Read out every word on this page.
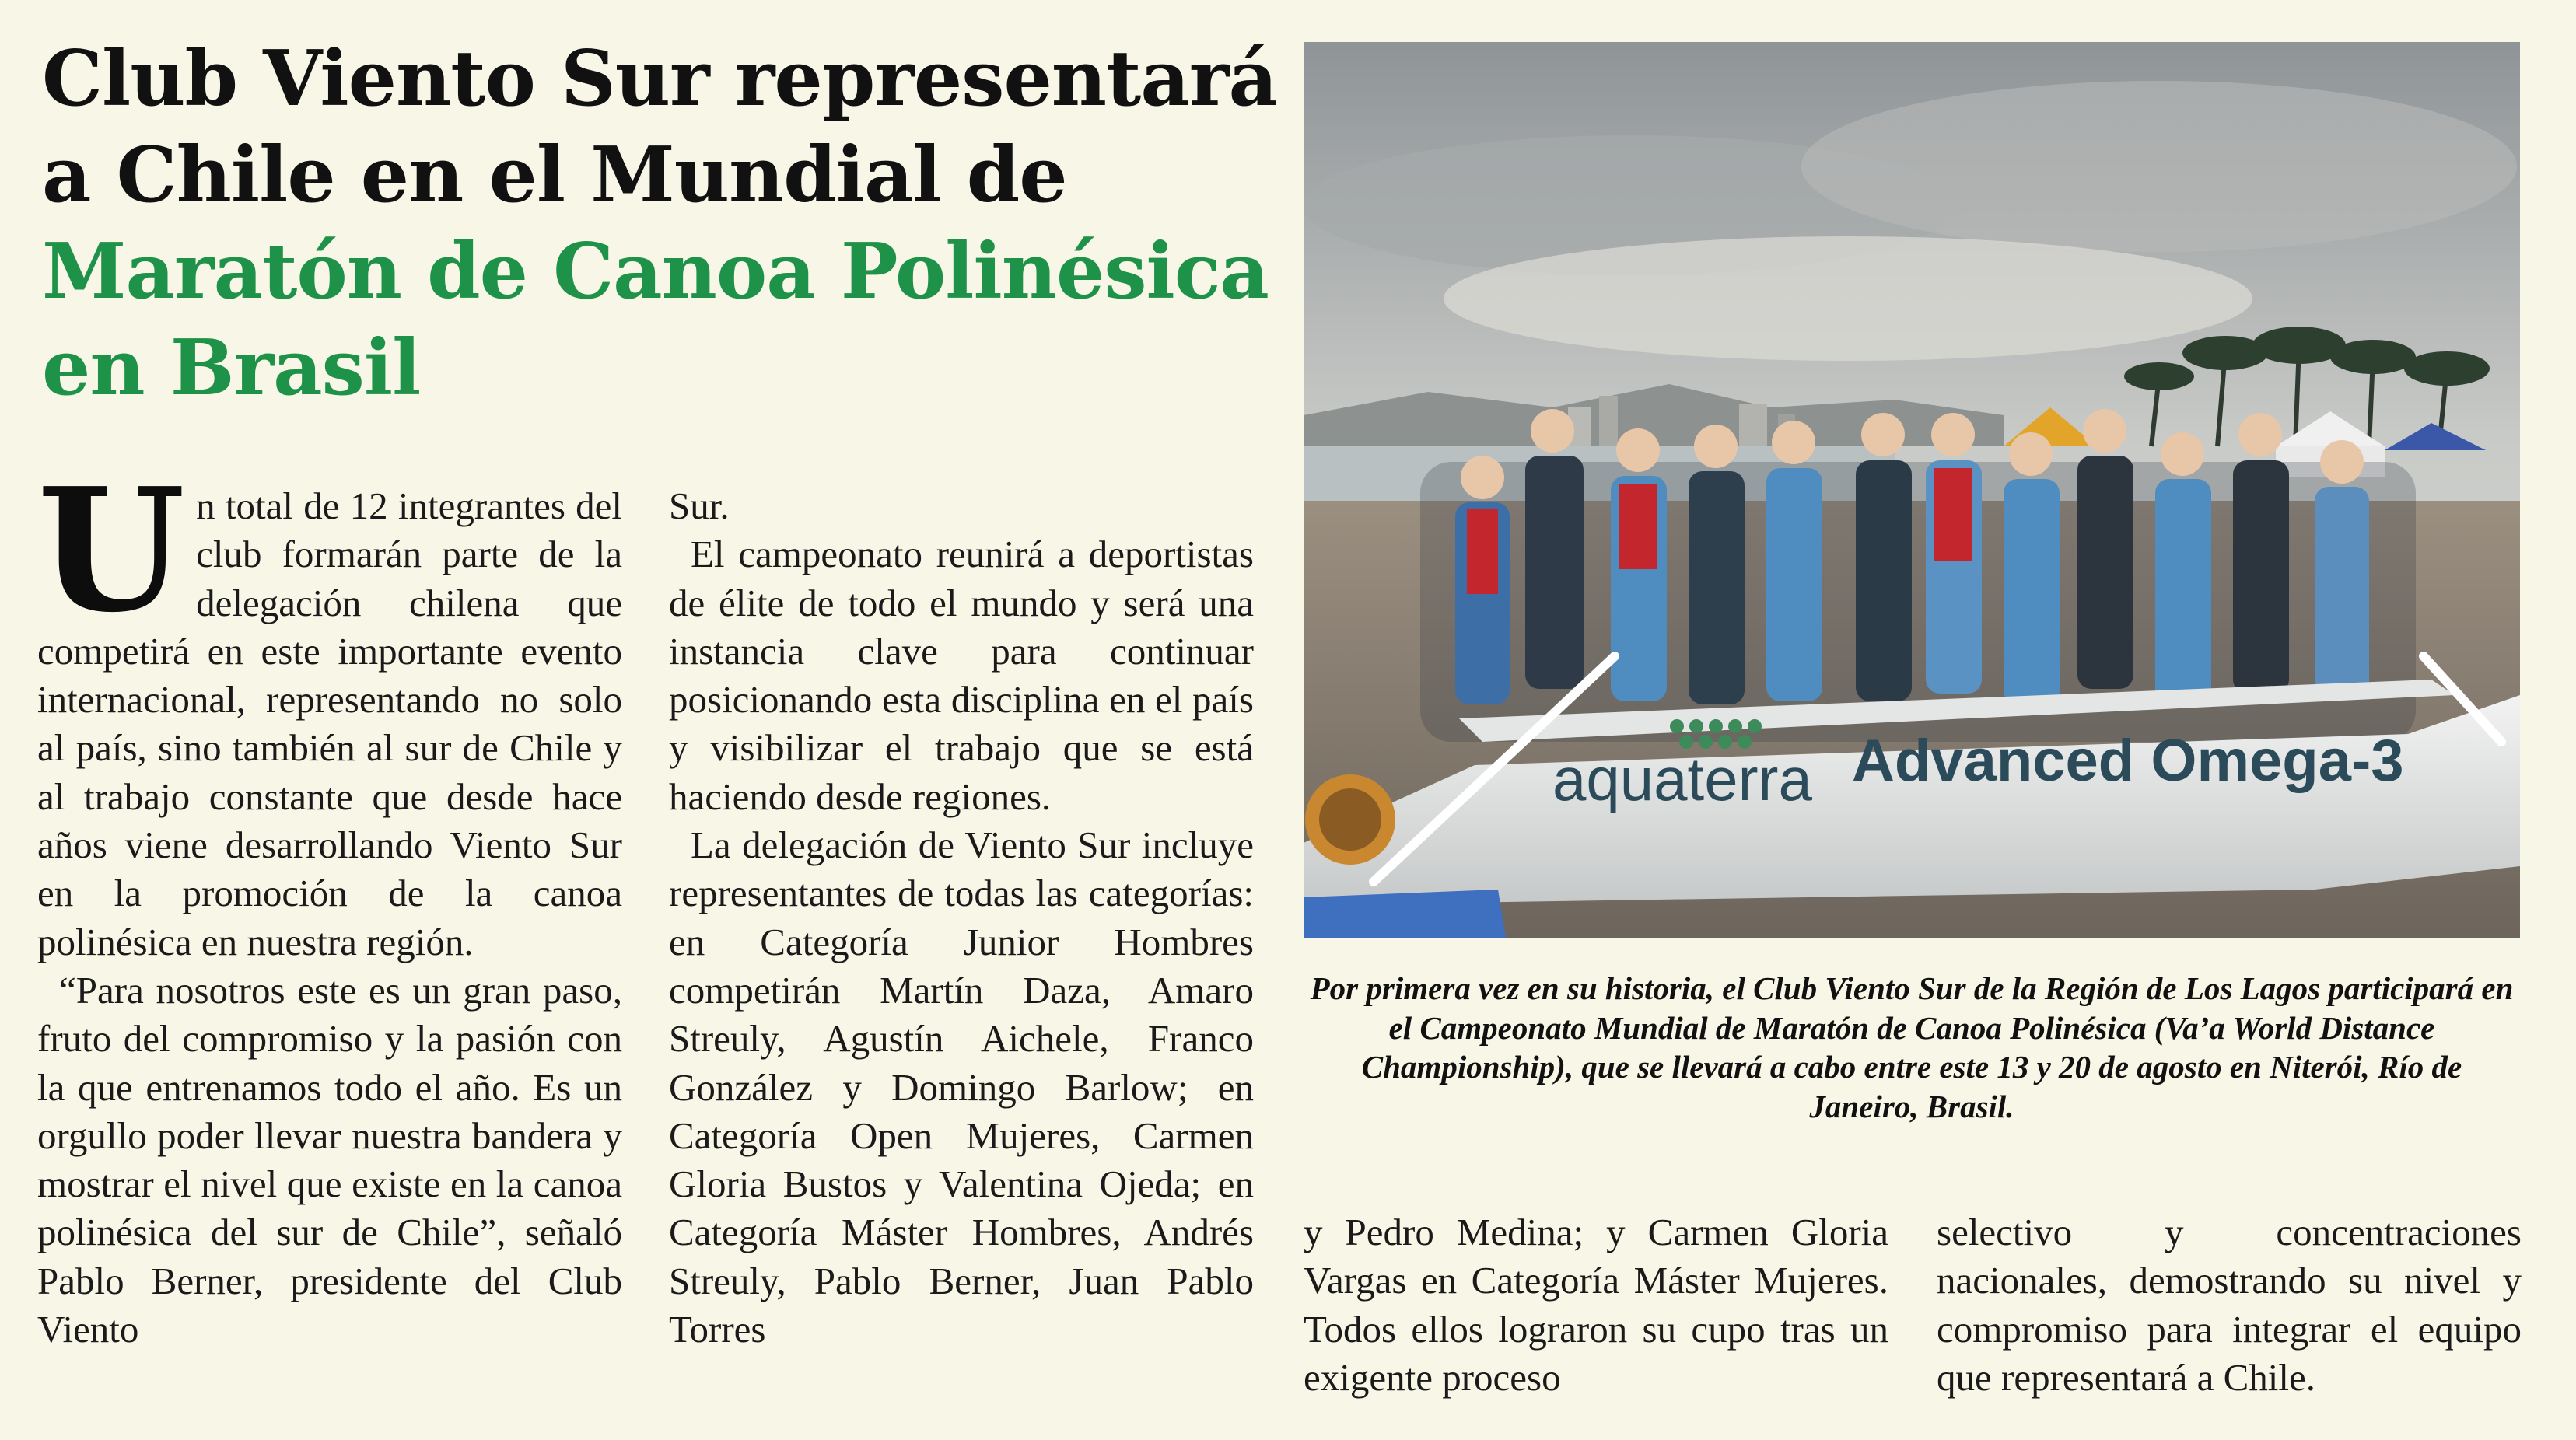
Club Viento Sur representará a Chile en el Mundial de Maratón de Canoa Polinésica en Brasil
U n total de 12 integrantes del club formarán parte de la delegación chilena que competirá en este importante evento internacional, representando no solo al país, sino también al sur de Chile y al trabajo constante que desde hace años viene desarrollando Viento Sur en la promoción de la canoa polinésica en nuestra región.

“Para nosotros este es un gran paso, fruto del compromiso y la pasión con la que entrenamos todo el año. Es un orgullo poder llevar nuestra bandera y mostrar el nivel que existe en la canoa polinésica del sur de Chile”, señaló Pablo Berner, presidente del Club Viento

Sur.

El campeonato reunirá a deportistas de élite de todo el mundo y será una instancia clave para continuar posicionando esta disciplina en el país y visibilizar el trabajo que se está haciendo desde regiones.

La delegación de Viento Sur incluye representantes de todas las categorías: en Categoría Junior Hombres competirán Martín Daza, Amaro Streuly, Agustín Aichele, Franco González y Domingo Barlow; en Categoría Open Mujeres, Carmen Gloria Bustos y Valentina Ojeda; en Categoría Máster Hombres, Andrés Streuly, Pablo Berner, Juan Pablo Torres

y Pedro Medina; y Carmen Gloria Vargas en Categoría Máster Mujeres. Todos ellos lograron su cupo tras un exigente proceso

selectivo y concentraciones nacionales, demostrando su nivel y compromiso para integrar el equipo que representará a Chile.

aquaterra Advanced Omega-3

Por primera vez en su historia, el Club Viento Sur de la Región de Los Lagos participará en el Campeonato Mundial de Maratón de Canoa Polinésica (Va’a World Distance Championship), que se llevará a cabo entre este 13 y 20 de agosto en Niterói, Río de Janeiro, Brasil.
